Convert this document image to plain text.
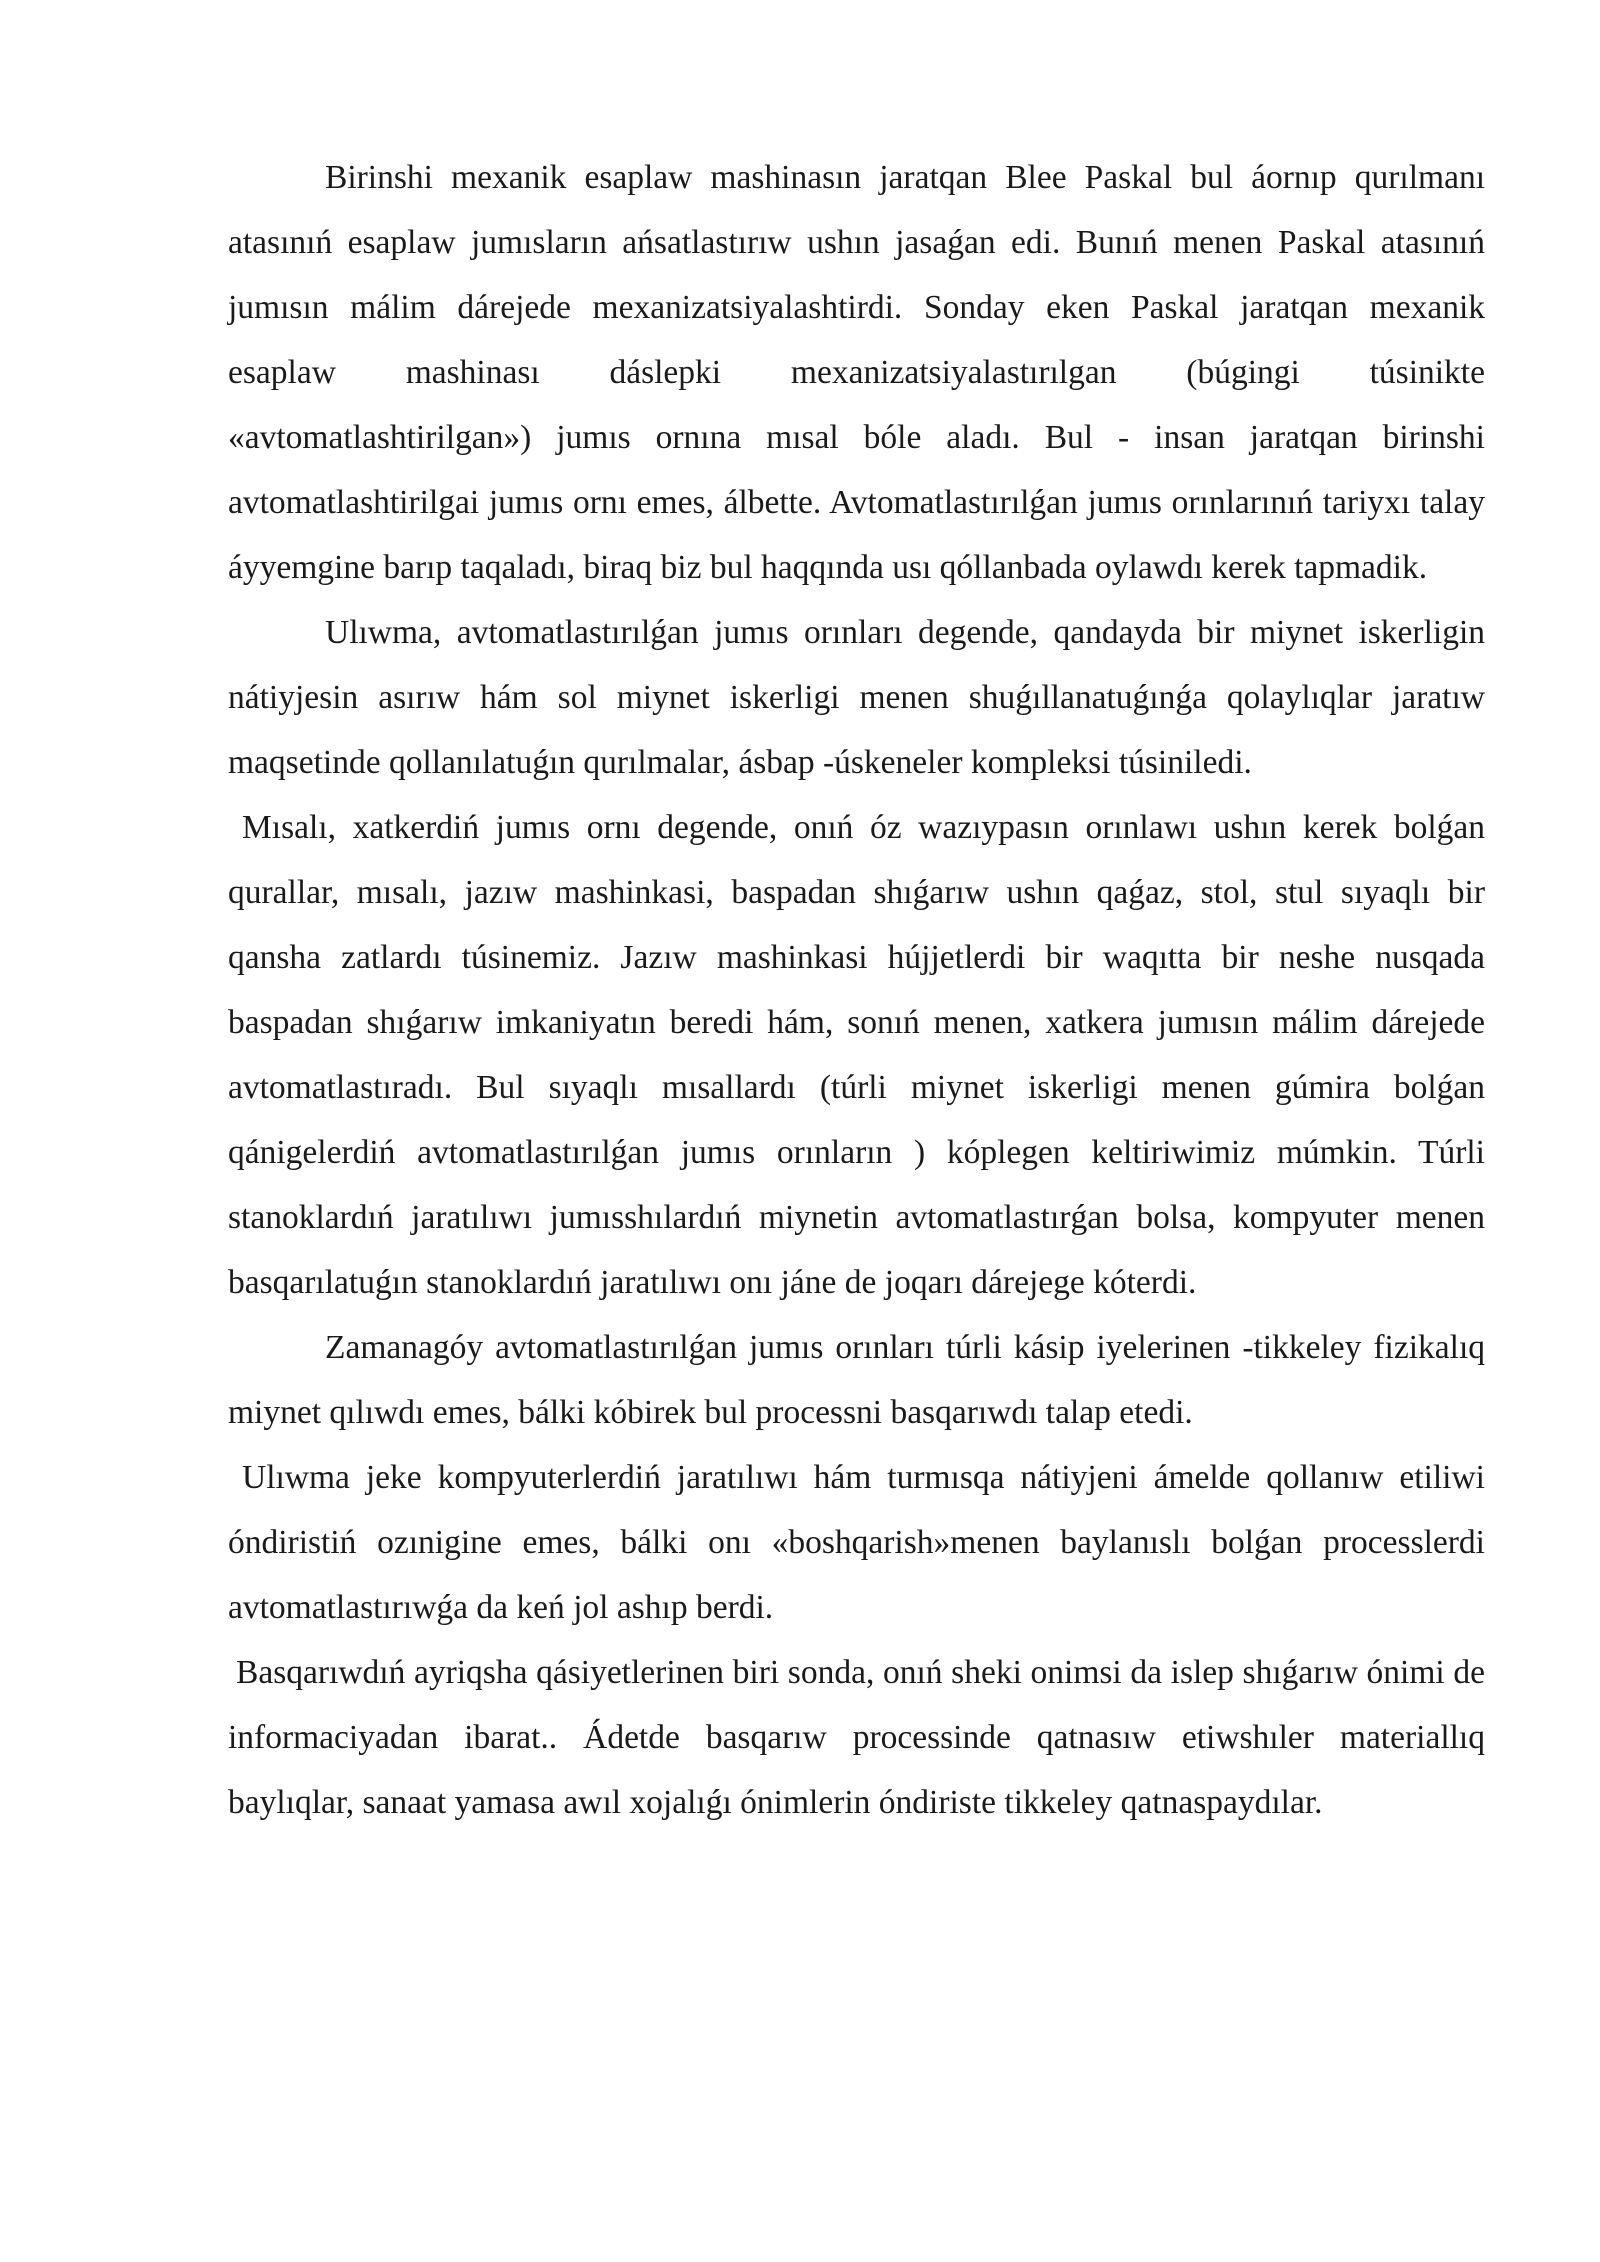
Birinshi mexanik esaplaw mashinasın jaratqan Blee Paskal bul áornıp qurılmanı atasınıń esaplaw jumısların ańsatlastırıw ushın jasaǵan edi. Bunıń menen Paskal atasınıń jumısın málim dárejede mexanizatsiyalashtirdi. Sonday eken Paskal jaratqan mexanik esaplaw mashinası dáslepki mexanizatsiyalastırılgan (búgingi túsinikte «avtomatlashtirilgan») jumıs ornına mısal bóle aladı. Bul - insan jaratqan birinshi avtomatlashtirilgai jumıs ornı emes, álbette. Avtomatlastırılǵan jumıs orınlarınıń tariyxı talay áyyemgine barıp taqaladı, biraq biz bul haqqında usı qóllanbada oylawdı kerek tapmadik.

Ulıwma, avtomatlastırılǵan jumıs orınları degende, qandayda bir miynet iskerligin nátiyjesin asırıw hám sol miynet iskerligi menen shuǵıllanatuǵınǵa qolaylıqlar jaratıw maqsetinde qollanılatuǵın qurılmalar, ásbap -úskeneler kompleksi túsiniledi.

Mısalı, xatkerdiń jumıs ornı degende, onıń óz wazıypasın orınlawı ushın kerek bolǵan qurallar, mısalı, jazıw mashinkasi, baspadan shıǵarıw ushın qaǵaz, stol, stul sıyaqlı bir qansha zatlardı túsinemiz. Jazıw mashinkasi hújjetlerdi bir waqıtta bir neshe nusqada baspadan shıǵarıw imkaniyatın beredi hám, sonıń menen, xatkera jumısın málim dárejede avtomatlastıradı. Bul sıyaqlı mısallardı (túrli miynet iskerligi menen gúmira bolǵan qánigelerdiń avtomatlastırılǵan jumıs orınların ) kóplegen keltiriwimiz múmkin. Túrli stanoklardıń jaratılıwı jumısshılardıń miynetin avtomatlastırǵan bolsa, kompyuter menen basqarılatuǵın stanoklardıń jaratılıwı onı jáne de joqarı dárejege kóterdi.

Zamanagóy avtomatlastırılǵan jumıs orınları túrli kásip iyelerinen -tikkeley fizikalıq miynet qılıwdı emes, bálki kóbirek bul processni basqarıwdı talap etedi.

Ulıwma jeke kompyuterlerdiń jaratılıwı hám turmısqa nátiyjeni ámelde qollanıw etiliwi óndiristiń ozınigine emes, bálki onı «boshqarish»menen baylanıslı bolǵan processlerdi avtomatlastırıwǵa da keń jol ashıp berdi.

Basqarıwdıń ayriqsha qásiyetlerinen biri sonda, onıń sheki onimsi da islep shıǵarıw ónimi de informaciyadan ibarat.. Ádetde basqarıw processinde qatnasıw etiwshıler materiallıq baylıqlar, sanaat yamasa awıl xojalıǵı ónimlerin óndiriste tikkeley qatnaspaydılar.
